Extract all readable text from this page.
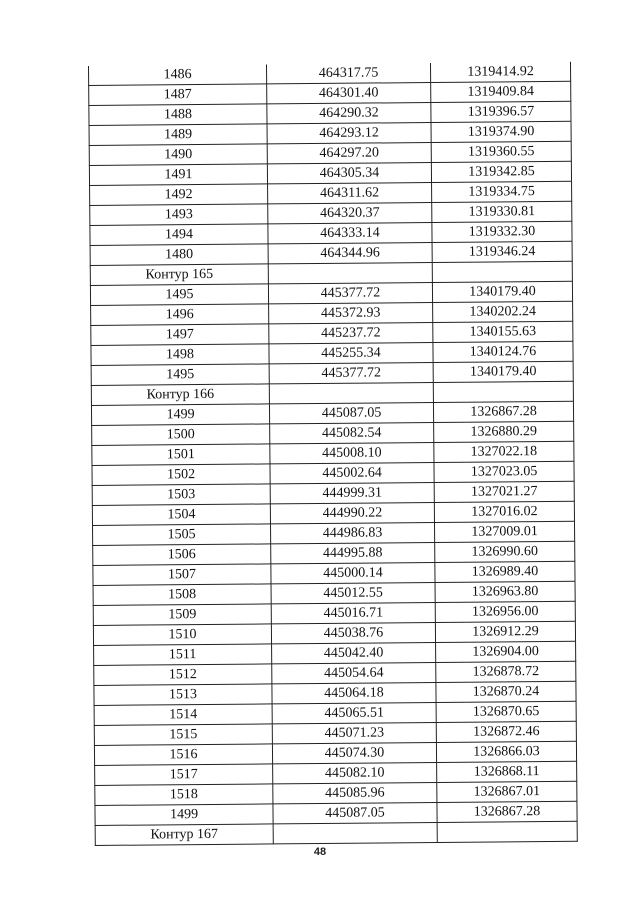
1486	464317.75	1319414.92
1487	464301.40	1319409.84
1488	464290.32	1319396.57
1489	464293.12	1319374.90
1490	464297.20	1319360.55
1491	464305.34	1319342.85
1492	464311.62	1319334.75
1493	464320.37	1319330.81
1494	464333.14	1319332.30
1480	464344.96	1319346.24
Контур 165		
1495	445377.72	1340179.40
1496	445372.93	1340202.24
1497	445237.72	1340155.63
1498	445255.34	1340124.76
1495	445377.72	1340179.40
Контур 166		
1499	445087.05	1326867.28
1500	445082.54	1326880.29
1501	445008.10	1327022.18
1502	445002.64	1327023.05
1503	444999.31	1327021.27
1504	444990.22	1327016.02
1505	444986.83	1327009.01
1506	444995.88	1326990.60
1507	445000.14	1326989.40
1508	445012.55	1326963.80
1509	445016.71	1326956.00
1510	445038.76	1326912.29
1511	445042.40	1326904.00
1512	445054.64	1326878.72
1513	445064.18	1326870.24
1514	445065.51	1326870.65
1515	445071.23	1326872.46
1516	445074.30	1326866.03
1517	445082.10	1326868.11
1518	445085.96	1326867.01
1499	445087.05	1326867.28
Контур 167		
48
